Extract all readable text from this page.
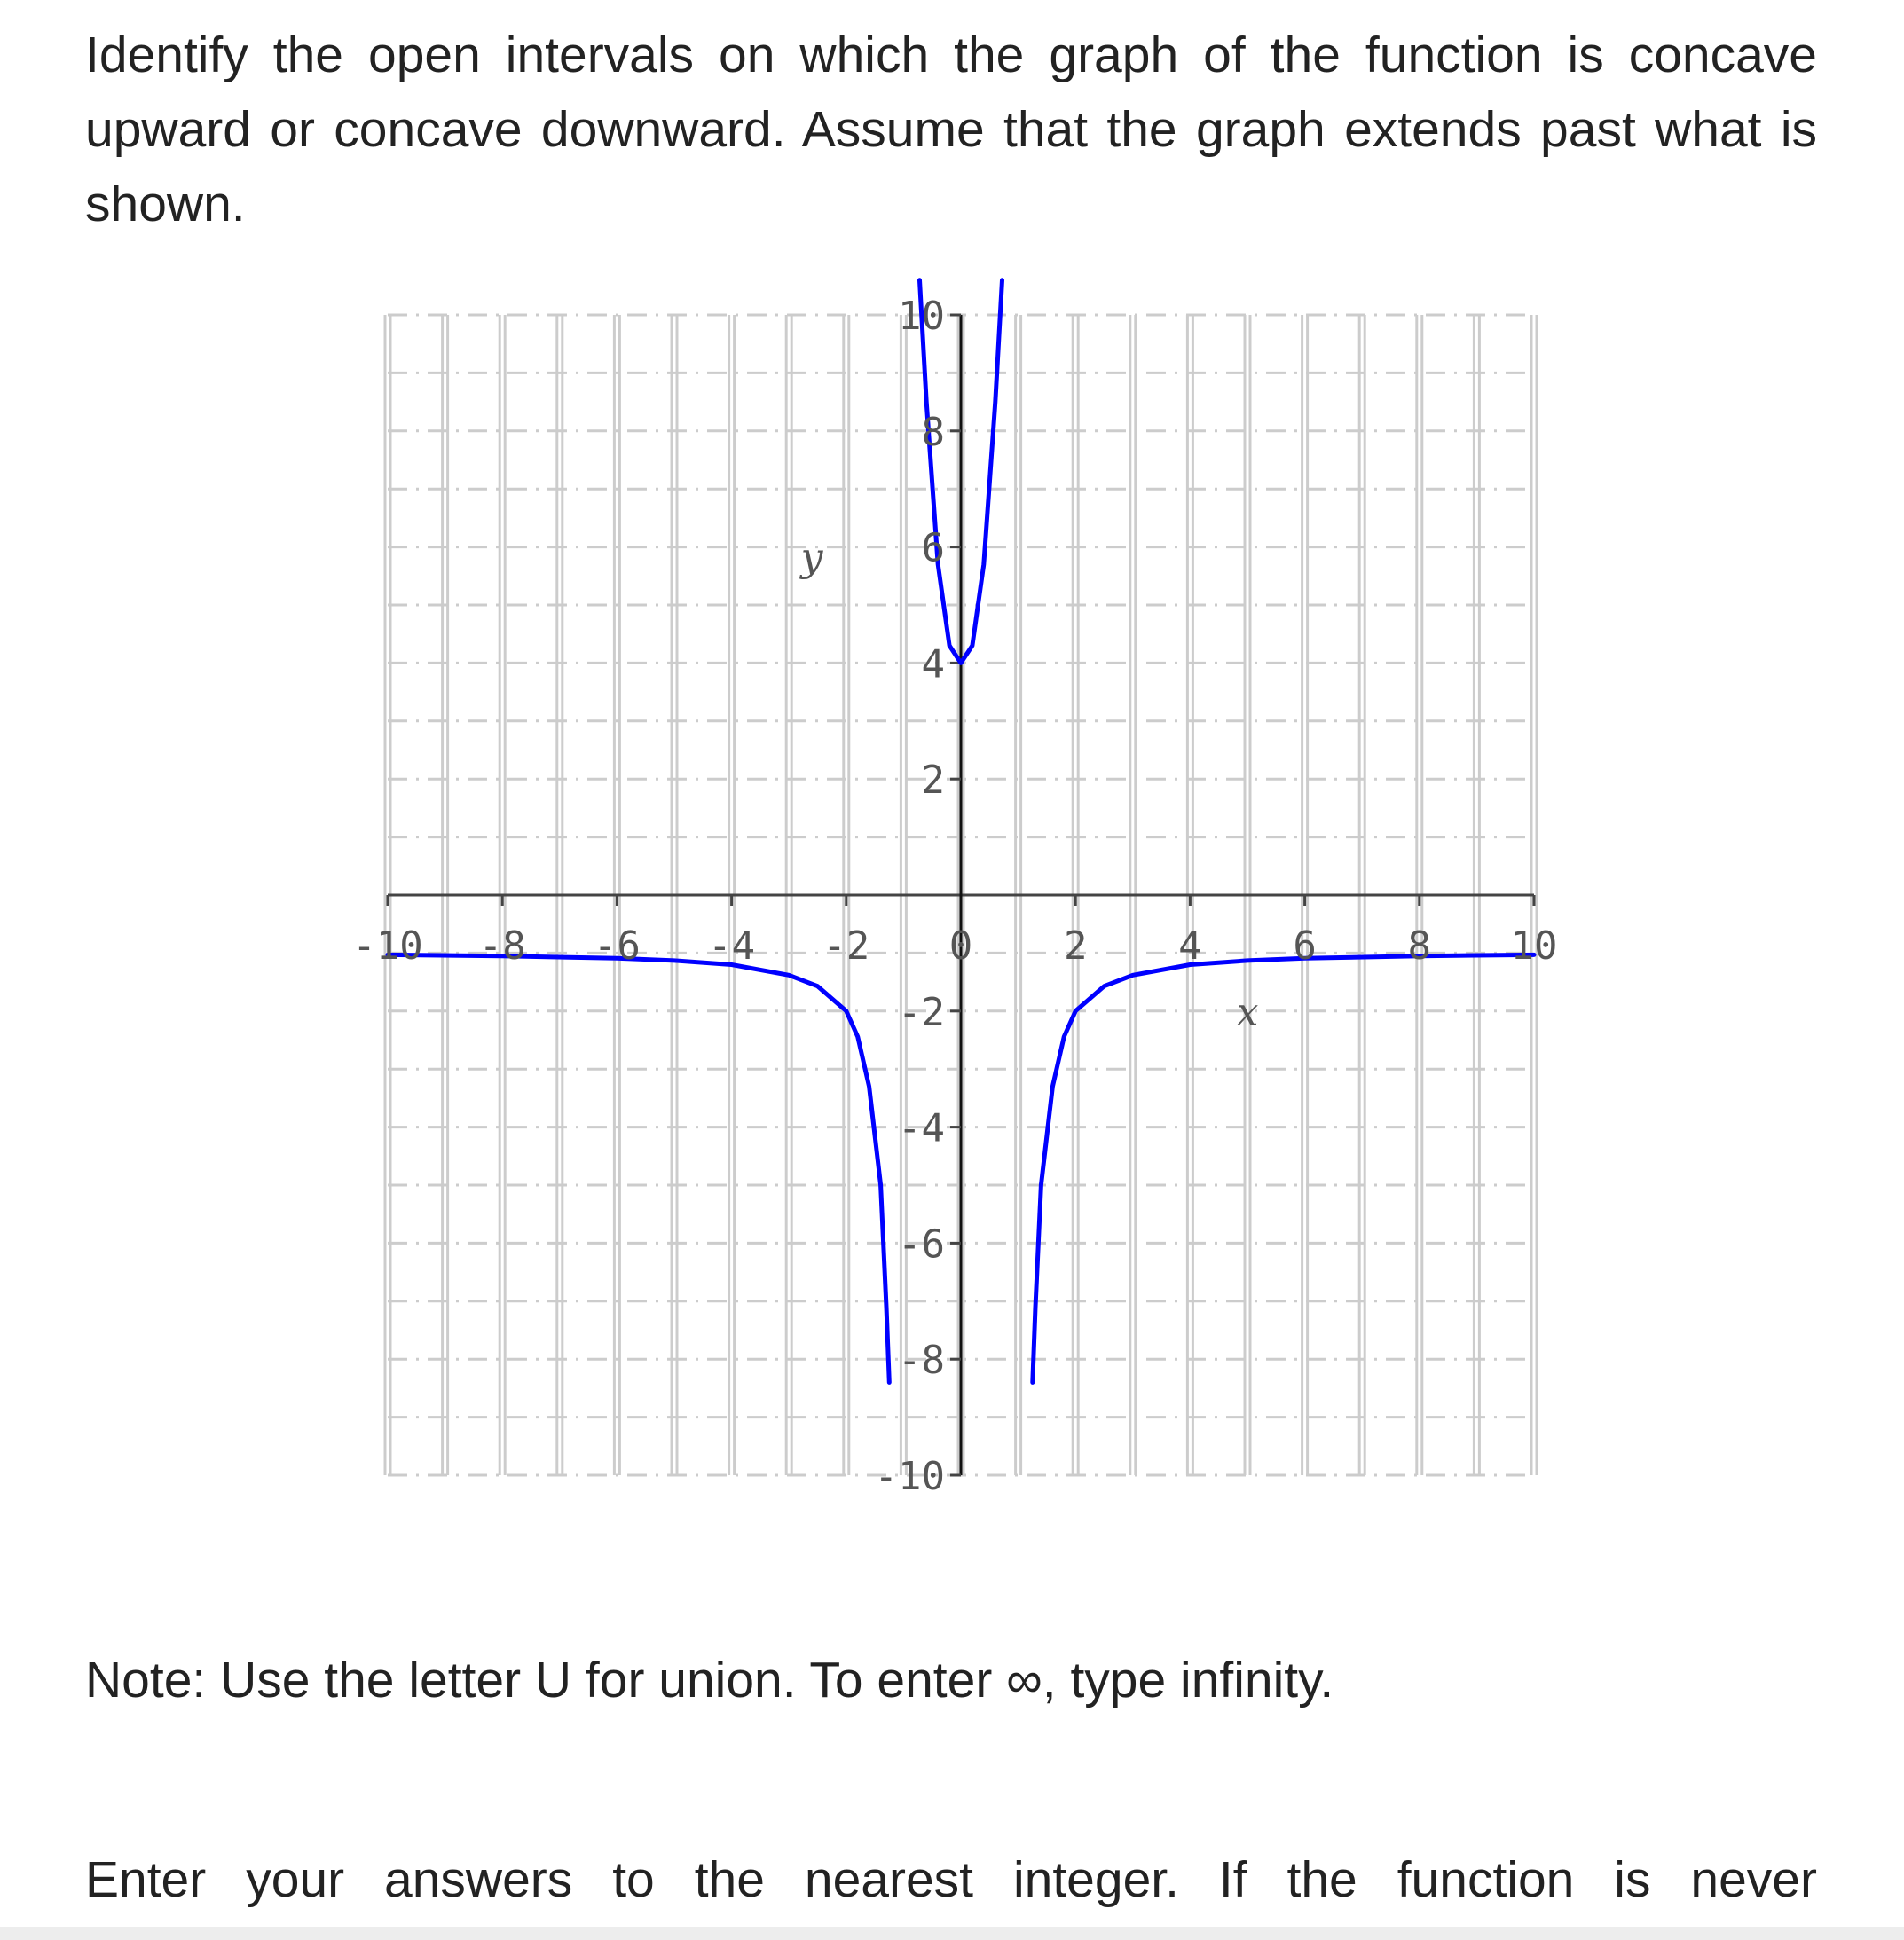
Identify the open intervals on which the graph of the function is concave upward or concave downward. Assume that the graph extends past what is shown.
-10 -8 -6 -4 -2 0 2 4 6 8 10
-10
-8
-6
-4
-2
2
4
6
8
10
x
y
Note: Use the letter U for union. To enter ∞, type infinity.
Enter your answers to the nearest integer. If the function is never
